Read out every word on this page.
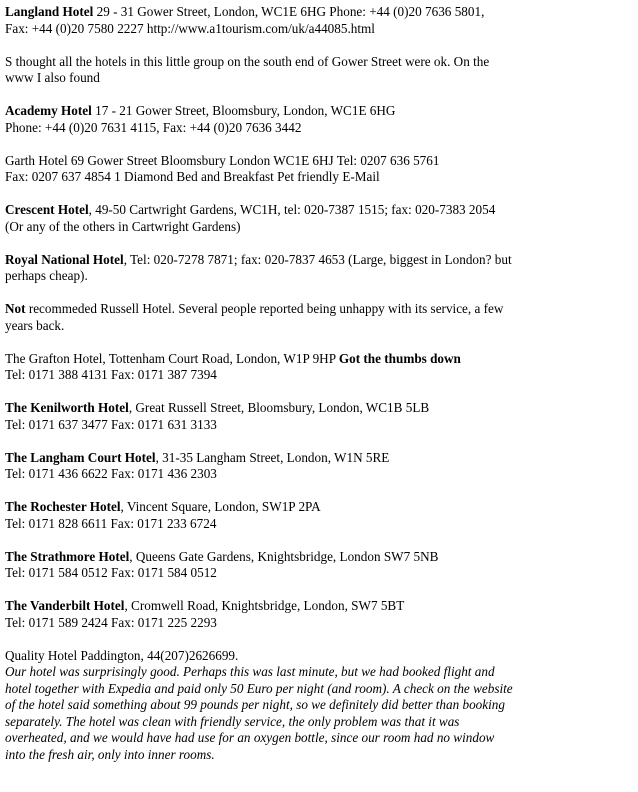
Langland Hotel 29 - 31 Gower Street, London, WC1E 6HG Phone: +44 (0)20 7636 5801,
Fax: +44 (0)20 7580 2227 http://www.a1tourism.com/uk/a44085.html

S thought all the hotels in this little group on the south end of Gower Street were ok. On the
www I also found

Academy Hotel 17 - 21 Gower Street, Bloomsbury, London, WC1E 6HG
Phone: +44 (0)20 7631 4115, Fax: +44 (0)20 7636 3442

Garth Hotel 69 Gower Street Bloomsbury London WC1E 6HJ Tel: 0207 636 5761
Fax: 0207 637 4854 1 Diamond Bed and Breakfast Pet friendly E-Mail

Crescent Hotel, 49-50 Cartwright Gardens, WC1H, tel: 020-7387 1515; fax: 020-7383 2054
(Or any of the others in Cartwright Gardens)

Royal National Hotel, Tel: 020-7278 7871; fax: 020-7837 4653 (Large, biggest in London? but
perhaps cheap).

Not recommeded Russell Hotel. Several people reported being unhappy with its service, a few
years back.

The Grafton Hotel, Tottenham Court Road, London, W1P 9HP Got the thumbs down
Tel: 0171 388 4131 Fax: 0171 387 7394

The Kenilworth Hotel, Great Russell Street, Bloomsbury, London, WC1B 5LB
Tel: 0171 637 3477 Fax: 0171 631 3133

The Langham Court Hotel, 31-35 Langham Street, London, W1N 5RE
Tel: 0171 436 6622 Fax: 0171 436 2303

The Rochester Hotel, Vincent Square, London, SW1P 2PA
Tel: 0171 828 6611 Fax: 0171 233 6724

The Strathmore Hotel, Queens Gate Gardens, Knightsbridge, London SW7 5NB
Tel: 0171 584 0512 Fax: 0171 584 0512

The Vanderbilt Hotel, Cromwell Road, Knightsbridge, London, SW7 5BT
Tel: 0171 589 2424 Fax: 0171 225 2293

Quality Hotel Paddington, 44(207)2626699.
Our hotel was surprisingly good. Perhaps this was last minute, but we had booked flight and
hotel together with Expedia and paid only 50 Euro per night (and room). A check on the website
of the hotel said something about 99 pounds per night, so we definitely did better than booking
separately. The hotel was clean with friendly service, the only problem was that it was
overheated, and we would have had use for an oxygen bottle, since our room had no window
into the fresh air, only into inner rooms.
